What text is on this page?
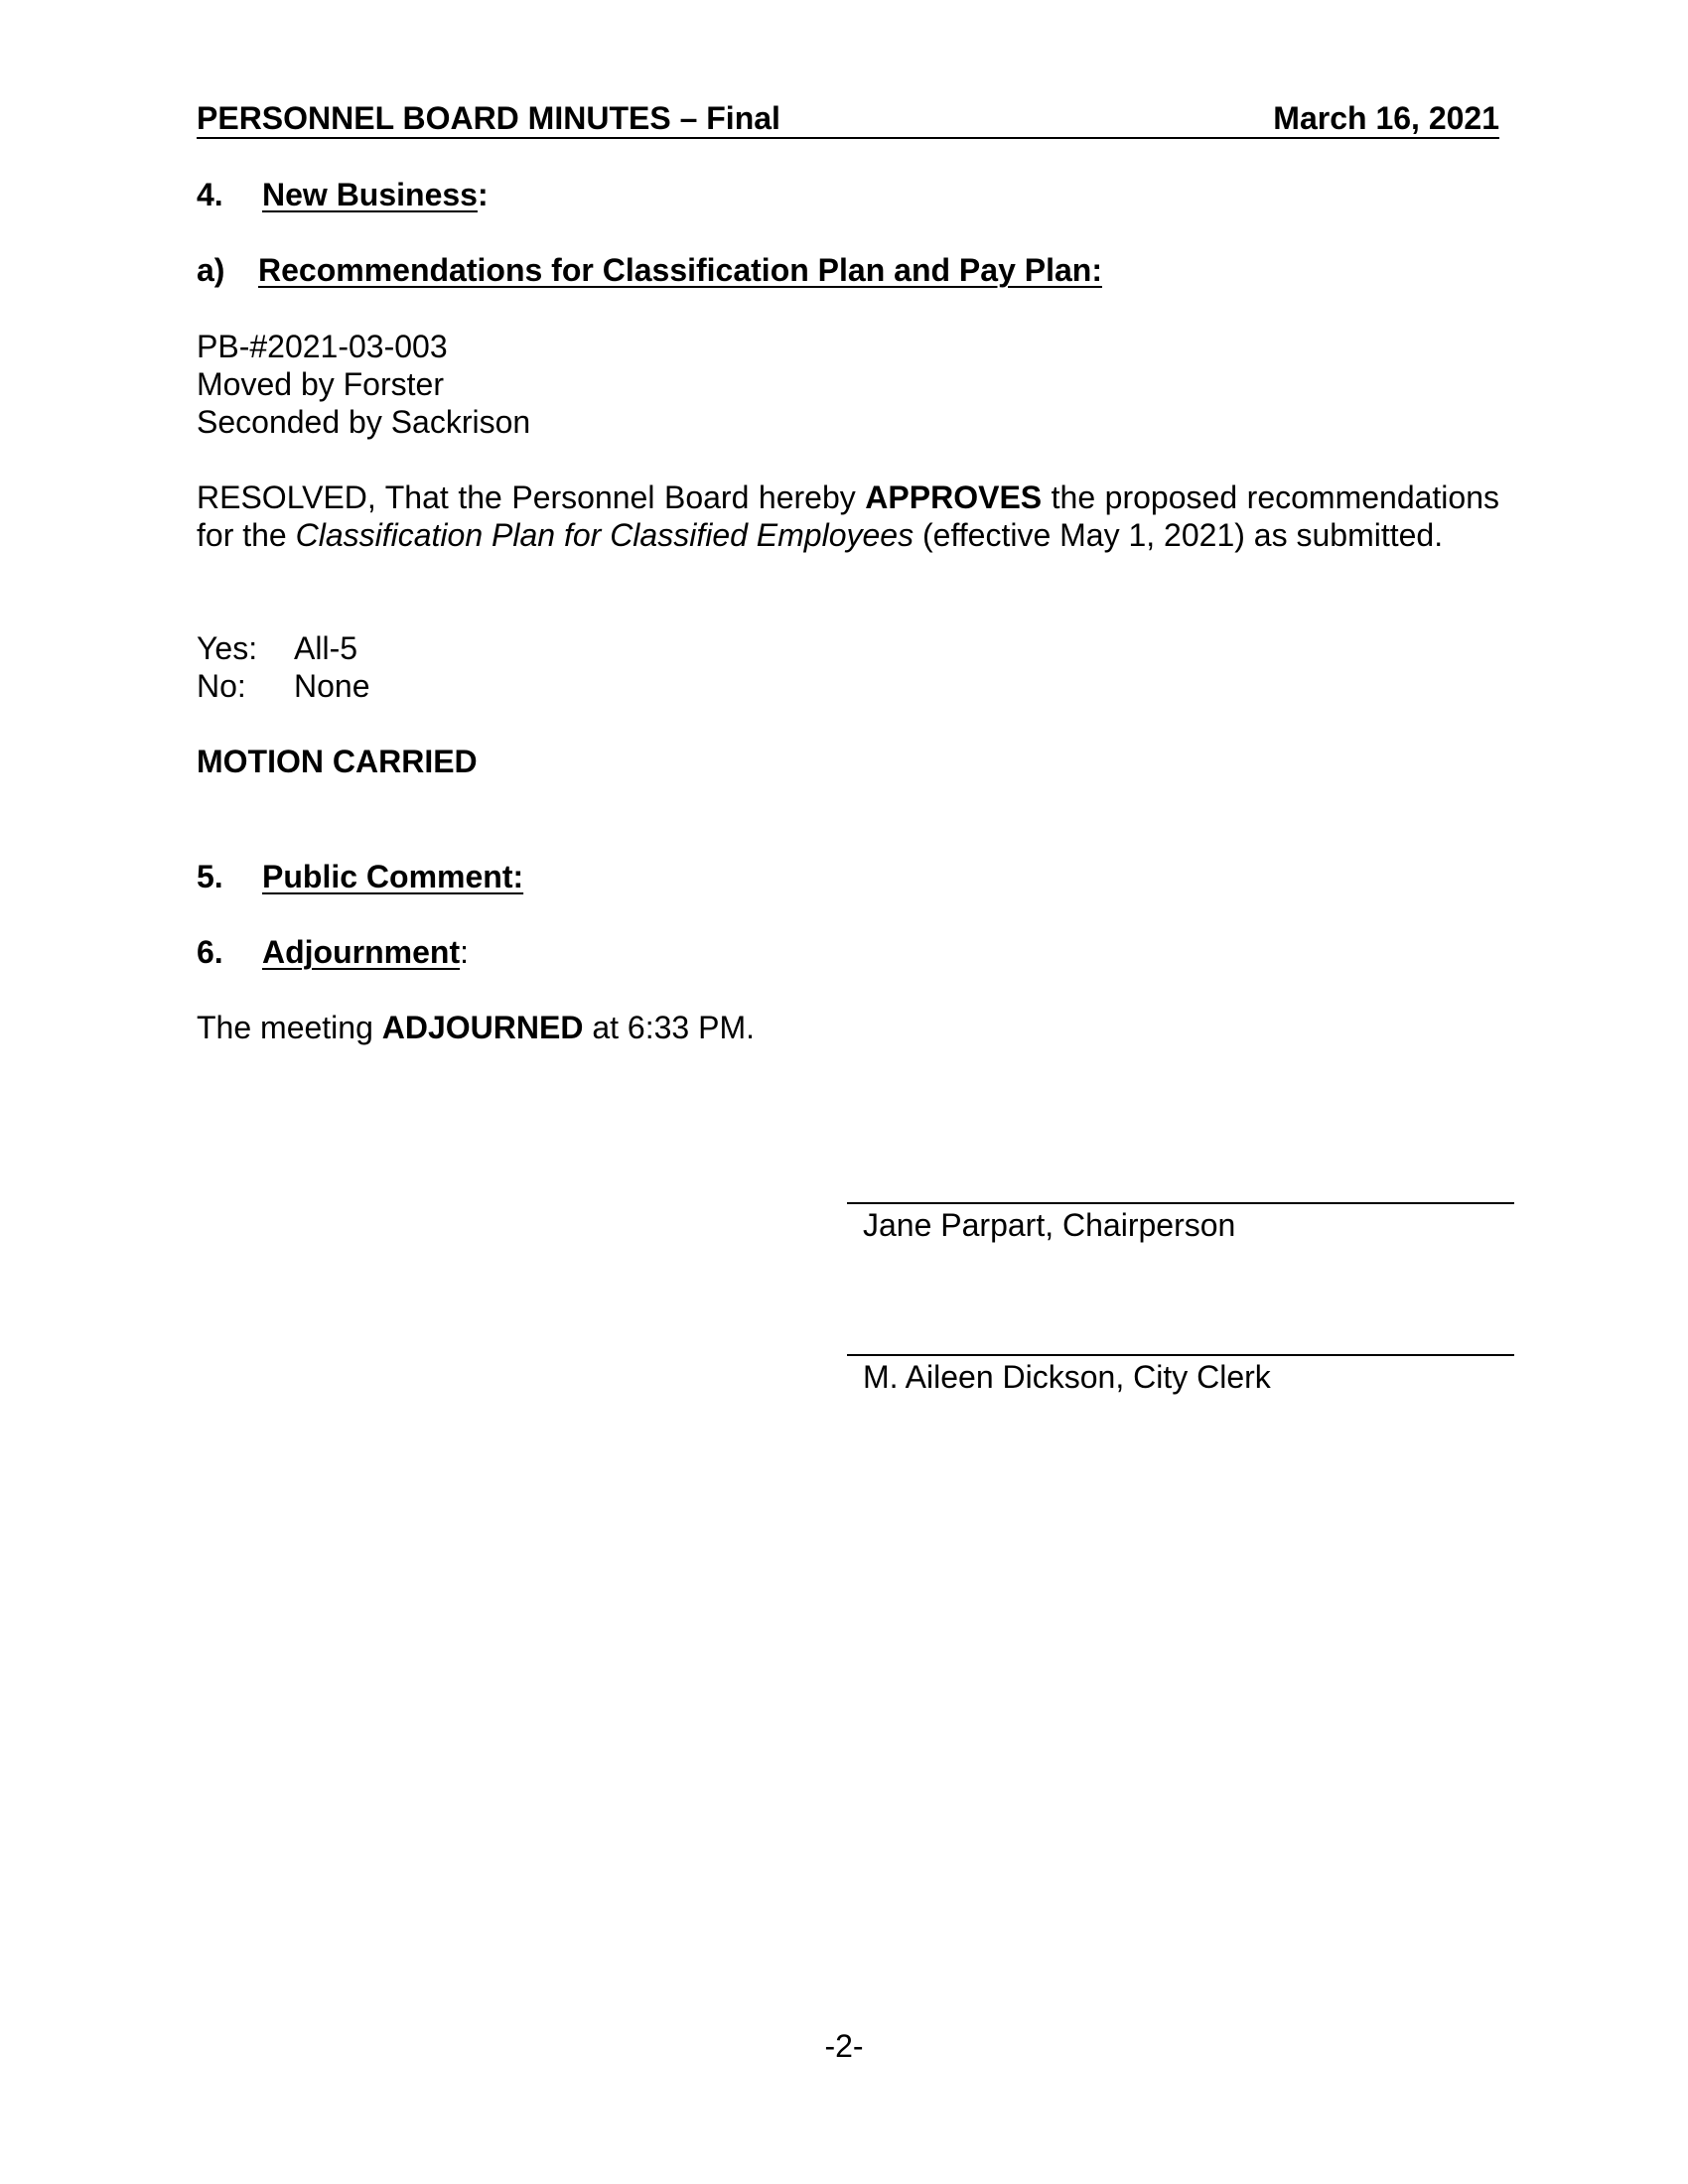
PERSONNEL BOARD MINUTES – Final	March 16, 2021
4. New Business:
a) Recommendations for Classification Plan and Pay Plan:
PB-#2021-03-003
Moved by Forster
Seconded by Sackrison
RESOLVED, That the Personnel Board hereby APPROVES the proposed recommendations for the Classification Plan for Classified Employees (effective May 1, 2021) as submitted.
Yes: All-5
No: None
MOTION CARRIED
5. Public Comment:
6. Adjournment:
The meeting ADJOURNED at 6:33 PM.
Jane Parpart, Chairperson
M. Aileen Dickson, City Clerk
-2-
